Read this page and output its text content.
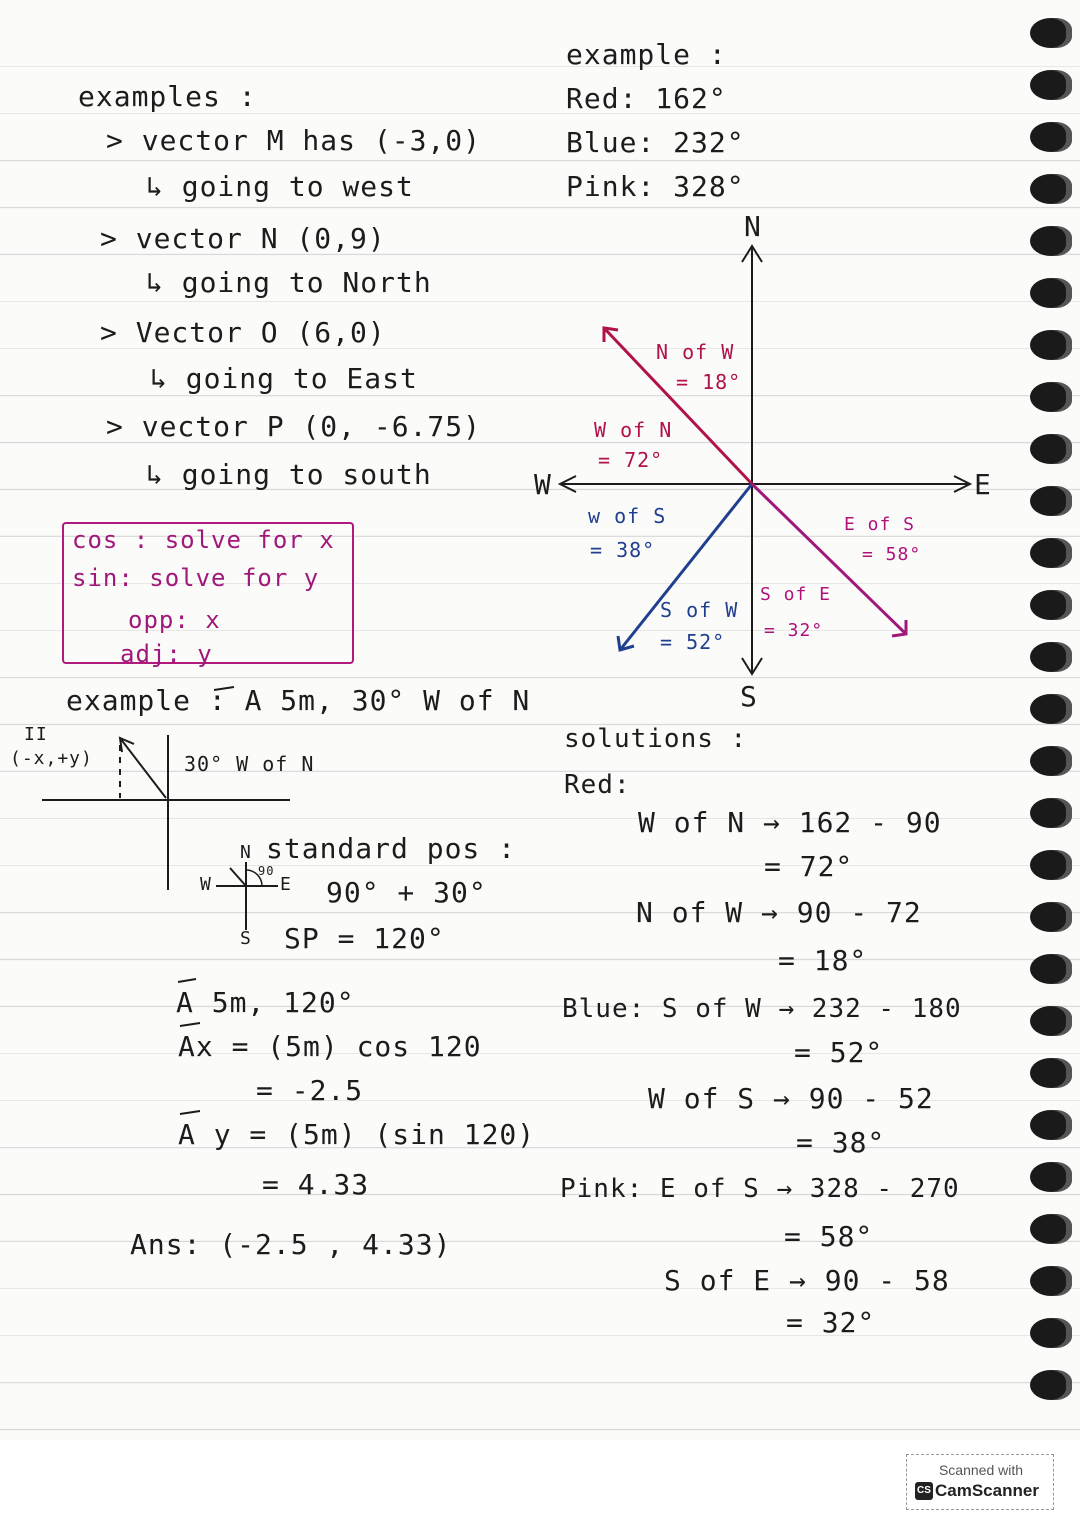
examples :
> vector M has (-3,0)
↳ going to west
> vector N (0,9)
↳ going to North
> Vector O (6,0)
↳ going to East
> vector P (0, -6.75)
↳ going to south
cos : solve for x
sin: solve for y
opp: x
adj: y
example : A 5m, 30° W of N
II
(-x,+y)	30° W of N
N
W	E
S
90
standard pos :
90° + 30°
SP = 120°
A 5m, 120°
Ax = (5m) cos 120
= -2.5
A y = (5m) (sin 120)
= 4.33
Ans: (-2.5 , 4.33)
example :
Red: 162°
Blue: 232°
Pink: 328°
N
E
S
W
N of W
= 18°
W of N
= 72°
w of S
= 38°
S of W
= 52°
S of E
= 32°
E of S
= 58°
solutions :
Red:
W of N → 162 - 90
= 72°
N of W → 90 - 72
= 18°
Blue: S of W → 232 - 180
= 52°
W of S → 90 - 52
= 38°
Pink: E of S → 328 - 270
= 58°
S of E → 90 - 58
= 32°
Scanned with
CS CamScanner
